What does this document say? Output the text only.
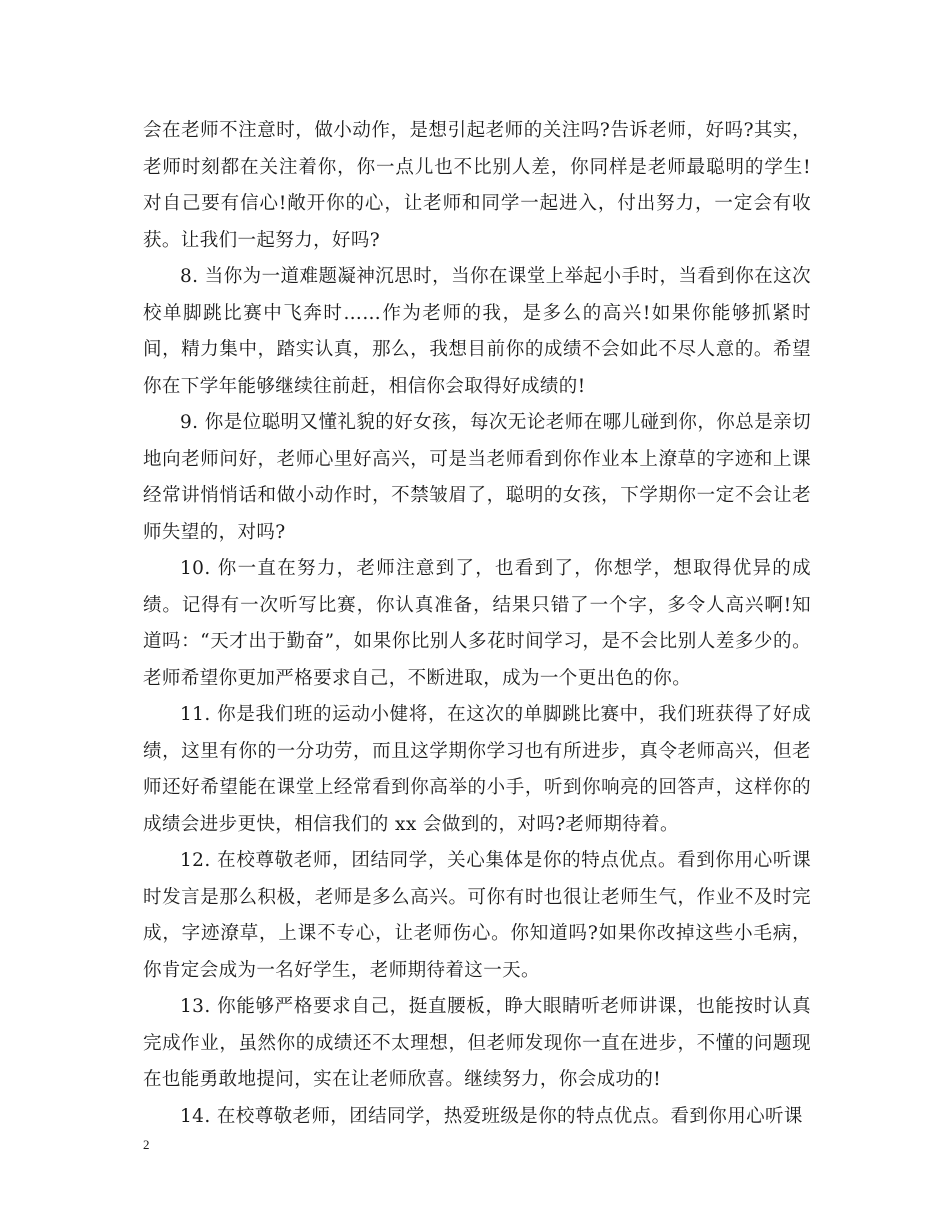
会在老师不注意时，做小动作，是想引起老师的关注吗?告诉老师，好吗?其实，老师时刻都在关注着你，你一点儿也不比别人差，你同样是老师最聪明的学生!对自己要有信心!敞开你的心，让老师和同学一起进入，付出努力，一定会有收获。让我们一起努力，好吗?

8. 当你为一道难题凝神沉思时，当你在课堂上举起小手时，当看到你在这次校单脚跳比赛中飞奔时……作为老师的我，是多么的高兴!如果你能够抓紧时间，精力集中，踏实认真，那么，我想目前你的成绩不会如此不尽人意的。希望你在下学年能够继续往前赶，相信你会取得好成绩的!

9. 你是位聪明又懂礼貌的好女孩，每次无论老师在哪儿碰到你，你总是亲切地向老师问好，老师心里好高兴，可是当老师看到你作业本上潦草的字迹和上课经常讲悄悄话和做小动作时，不禁皱眉了，聪明的女孩，下学期你一定不会让老师失望的，对吗?

10. 你一直在努力，老师注意到了，也看到了，你想学，想取得优异的成绩。记得有一次听写比赛，你认真准备，结果只错了一个字，多令人高兴啊!知道吗：“天才出于勤奋”，如果你比别人多花时间学习，是不会比别人差多少的。老师希望你更加严格要求自己，不断进取，成为一个更出色的你。

11. 你是我们班的运动小健将，在这次的单脚跳比赛中，我们班获得了好成绩，这里有你的一分功劳，而且这学期你学习也有所进步，真令老师高兴，但老师还好希望能在课堂上经常看到你高举的小手，听到你响亮的回答声，这样你的成绩会进步更快，相信我们的 xx 会做到的，对吗?老师期待着。

12. 在校尊敬老师，团结同学，关心集体是你的特点优点。看到你用心听课时发言是那么积极，老师是多么高兴。可你有时也很让老师生气，作业不及时完成，字迹潦草，上课不专心，让老师伤心。你知道吗?如果你改掉这些小毛病，你肯定会成为一名好学生，老师期待着这一天。

13. 你能够严格要求自己，挺直腰板，睁大眼睛听老师讲课，也能按时认真完成作业，虽然你的成绩还不太理想，但老师发现你一直在进步，不懂的问题现在也能勇敢地提问，实在让老师欣喜。继续努力，你会成功的!

14. 在校尊敬老师，团结同学，热爱班级是你的特点优点。看到你用心听课

2
